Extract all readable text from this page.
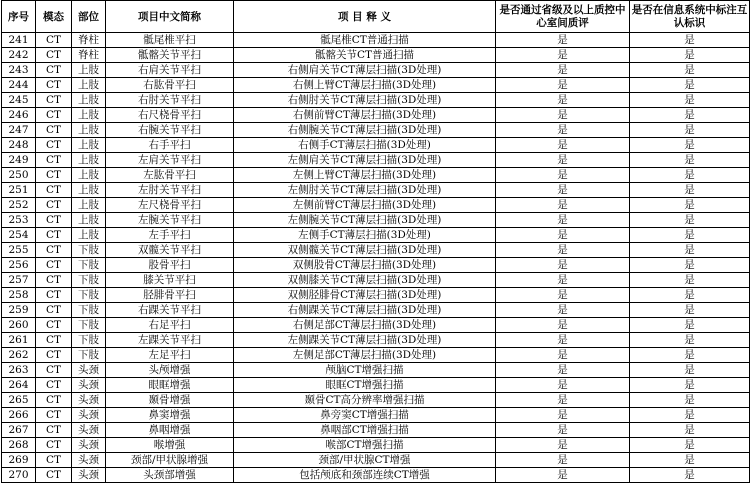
序号	模态	部位	项目中文简称	项 目 释 义	是否通过省级及以上质控中心室间质评	是否在信息系统中标注互认标识
241	CT	脊柱	骶尾椎平扫	骶尾椎CT普通扫描	是	是
242	CT	脊柱	骶髂关节平扫	骶髂关节CT普通扫描	是	是
243	CT	上肢	右肩关节平扫	右侧肩关节CT薄层扫描(3D处理)	是	是
244	CT	上肢	右肱骨平扫	右侧上臂CT薄层扫描(3D处理)	是	是
245	CT	上肢	右肘关节平扫	右侧肘关节CT薄层扫描(3D处理)	是	是
246	CT	上肢	右尺桡骨平扫	右侧前臂CT薄层扫描(3D处理)	是	是
247	CT	上肢	右腕关节平扫	右侧腕关节CT薄层扫描(3D处理)	是	是
248	CT	上肢	右手平扫	右侧手CT薄层扫描(3D处理)	是	是
249	CT	上肢	左肩关节平扫	左侧肩关节CT薄层扫描(3D处理)	是	是
250	CT	上肢	左肱骨平扫	左侧上臂CT薄层扫描(3D处理)	是	是
251	CT	上肢	左肘关节平扫	左侧肘关节CT薄层扫描(3D处理)	是	是
252	CT	上肢	左尺桡骨平扫	左侧前臂CT薄层扫描(3D处理)	是	是
253	CT	上肢	左腕关节平扫	左侧腕关节CT薄层扫描(3D处理)	是	是
254	CT	上肢	左手平扫	左侧手CT薄层扫描(3D处理)	是	是
255	CT	下肢	双髋关节平扫	双侧髋关节CT薄层扫描(3D处理)	是	是
256	CT	下肢	股骨平扫	双侧股骨CT薄层扫描(3D处理)	是	是
257	CT	下肢	膝关节平扫	双侧膝关节CT薄层扫描(3D处理)	是	是
258	CT	下肢	胫腓骨平扫	双侧胫腓骨CT薄层扫描(3D处理)	是	是
259	CT	下肢	右踝关节平扫	右侧踝关节CT薄层扫描(3D处理)	是	是
260	CT	下肢	右足平扫	右侧足部CT薄层扫描(3D处理)	是	是
261	CT	下肢	左踝关节平扫	左侧踝关节CT薄层扫描(3D处理)	是	是
262	CT	下肢	左足平扫	左侧足部CT薄层扫描(3D处理)	是	是
263	CT	头颈	头颅增强	颅脑CT增强扫描	是	是
264	CT	头颈	眼眶增强	眼眶CT增强扫描	是	是
265	CT	头颈	颞骨增强	颞骨CT高分辨率增强扫描	是	是
266	CT	头颈	鼻窦增强	鼻旁窦CT增强扫描	是	是
267	CT	头颈	鼻咽增强	鼻咽部CT增强扫描	是	是
268	CT	头颈	喉增强	喉部CT增强扫描	是	是
269	CT	头颈	颈部/甲状腺增强	颈部/甲状腺CT增强	是	是
270	CT	头颈	头颈部增强	包括颅底和颈部连续CT增强	是	是
